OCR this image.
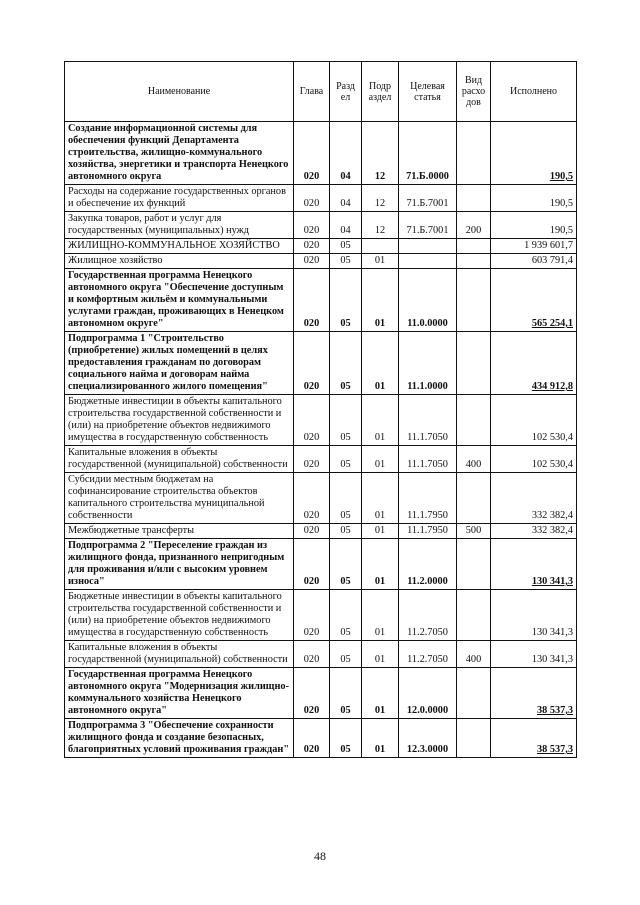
Наименование	Глава	Разд ел	Подр аздел	Целевая статья	Вид расхо дов	Исполнено
Создание информационной системы для обеспечения функций Департамента строительства, жилищно-коммунального хозяйства, энергетики и транспорта Ненецкого автономного округа	020	04	12	71.Б.0000		190,5
Расходы на содержание государственных органов и обеспечение их функций	020	04	12	71.Б.7001		190,5
Закупка товаров, работ и услуг для государственных (муниципальных) нужд	020	04	12	71.Б.7001	200	190,5
ЖИЛИЩНО-КОММУНАЛЬНОЕ ХОЗЯЙСТВО	020	05				1 939 601,7
Жилищное хозяйство	020	05	01			603 791,4
Государственная программа Ненецкого автономного округа "Обеспечение доступным и комфортным жильём и коммунальными услугами граждан, проживающих в Ненецком автономном округе"	020	05	01	11.0.0000		565 254,1
Подпрограмма 1 "Строительство (приобретение) жилых помещений в целях предоставления гражданам по договорам социального найма и договорам найма специализированного жилого помещения"	020	05	01	11.1.0000		434 912,8
Бюджетные инвестиции в объекты капитального строительства государственной собственности и (или) на приобретение объектов недвижимого имущества в государственную собственность	020	05	01	11.1.7050		102 530,4
Капитальные вложения в объекты государственной (муниципальной) собственности	020	05	01	11.1.7050	400	102 530,4
Субсидии местным бюджетам на софинансирование строительства объектов капитального строительства муниципальной собственности	020	05	01	11.1.7950		332 382,4
Межбюджетные трансферты	020	05	01	11.1.7950	500	332 382,4
Подпрограмма 2 "Переселение граждан из жилищного фонда, признанного непригодным для проживания и/или с высоким уровнем износа"	020	05	01	11.2.0000		130 341,3
Бюджетные инвестиции в объекты капитального строительства государственной собственности и (или) на приобретение объектов недвижимого имущества в государственную собственность	020	05	01	11.2.7050		130 341,3
Капитальные вложения в объекты государственной (муниципальной) собственности	020	05	01	11.2.7050	400	130 341,3
Государственная программа Ненецкого автономного округа "Модернизация жилищно-коммунального хозяйства Ненецкого автономного округа"	020	05	01	12.0.0000		38 537,3
Подпрограмма 3 "Обеспечение сохранности жилищного фонда и создание безопасных, благоприятных условий проживания граждан"	020	05	01	12.3.0000		38 537,3
48
